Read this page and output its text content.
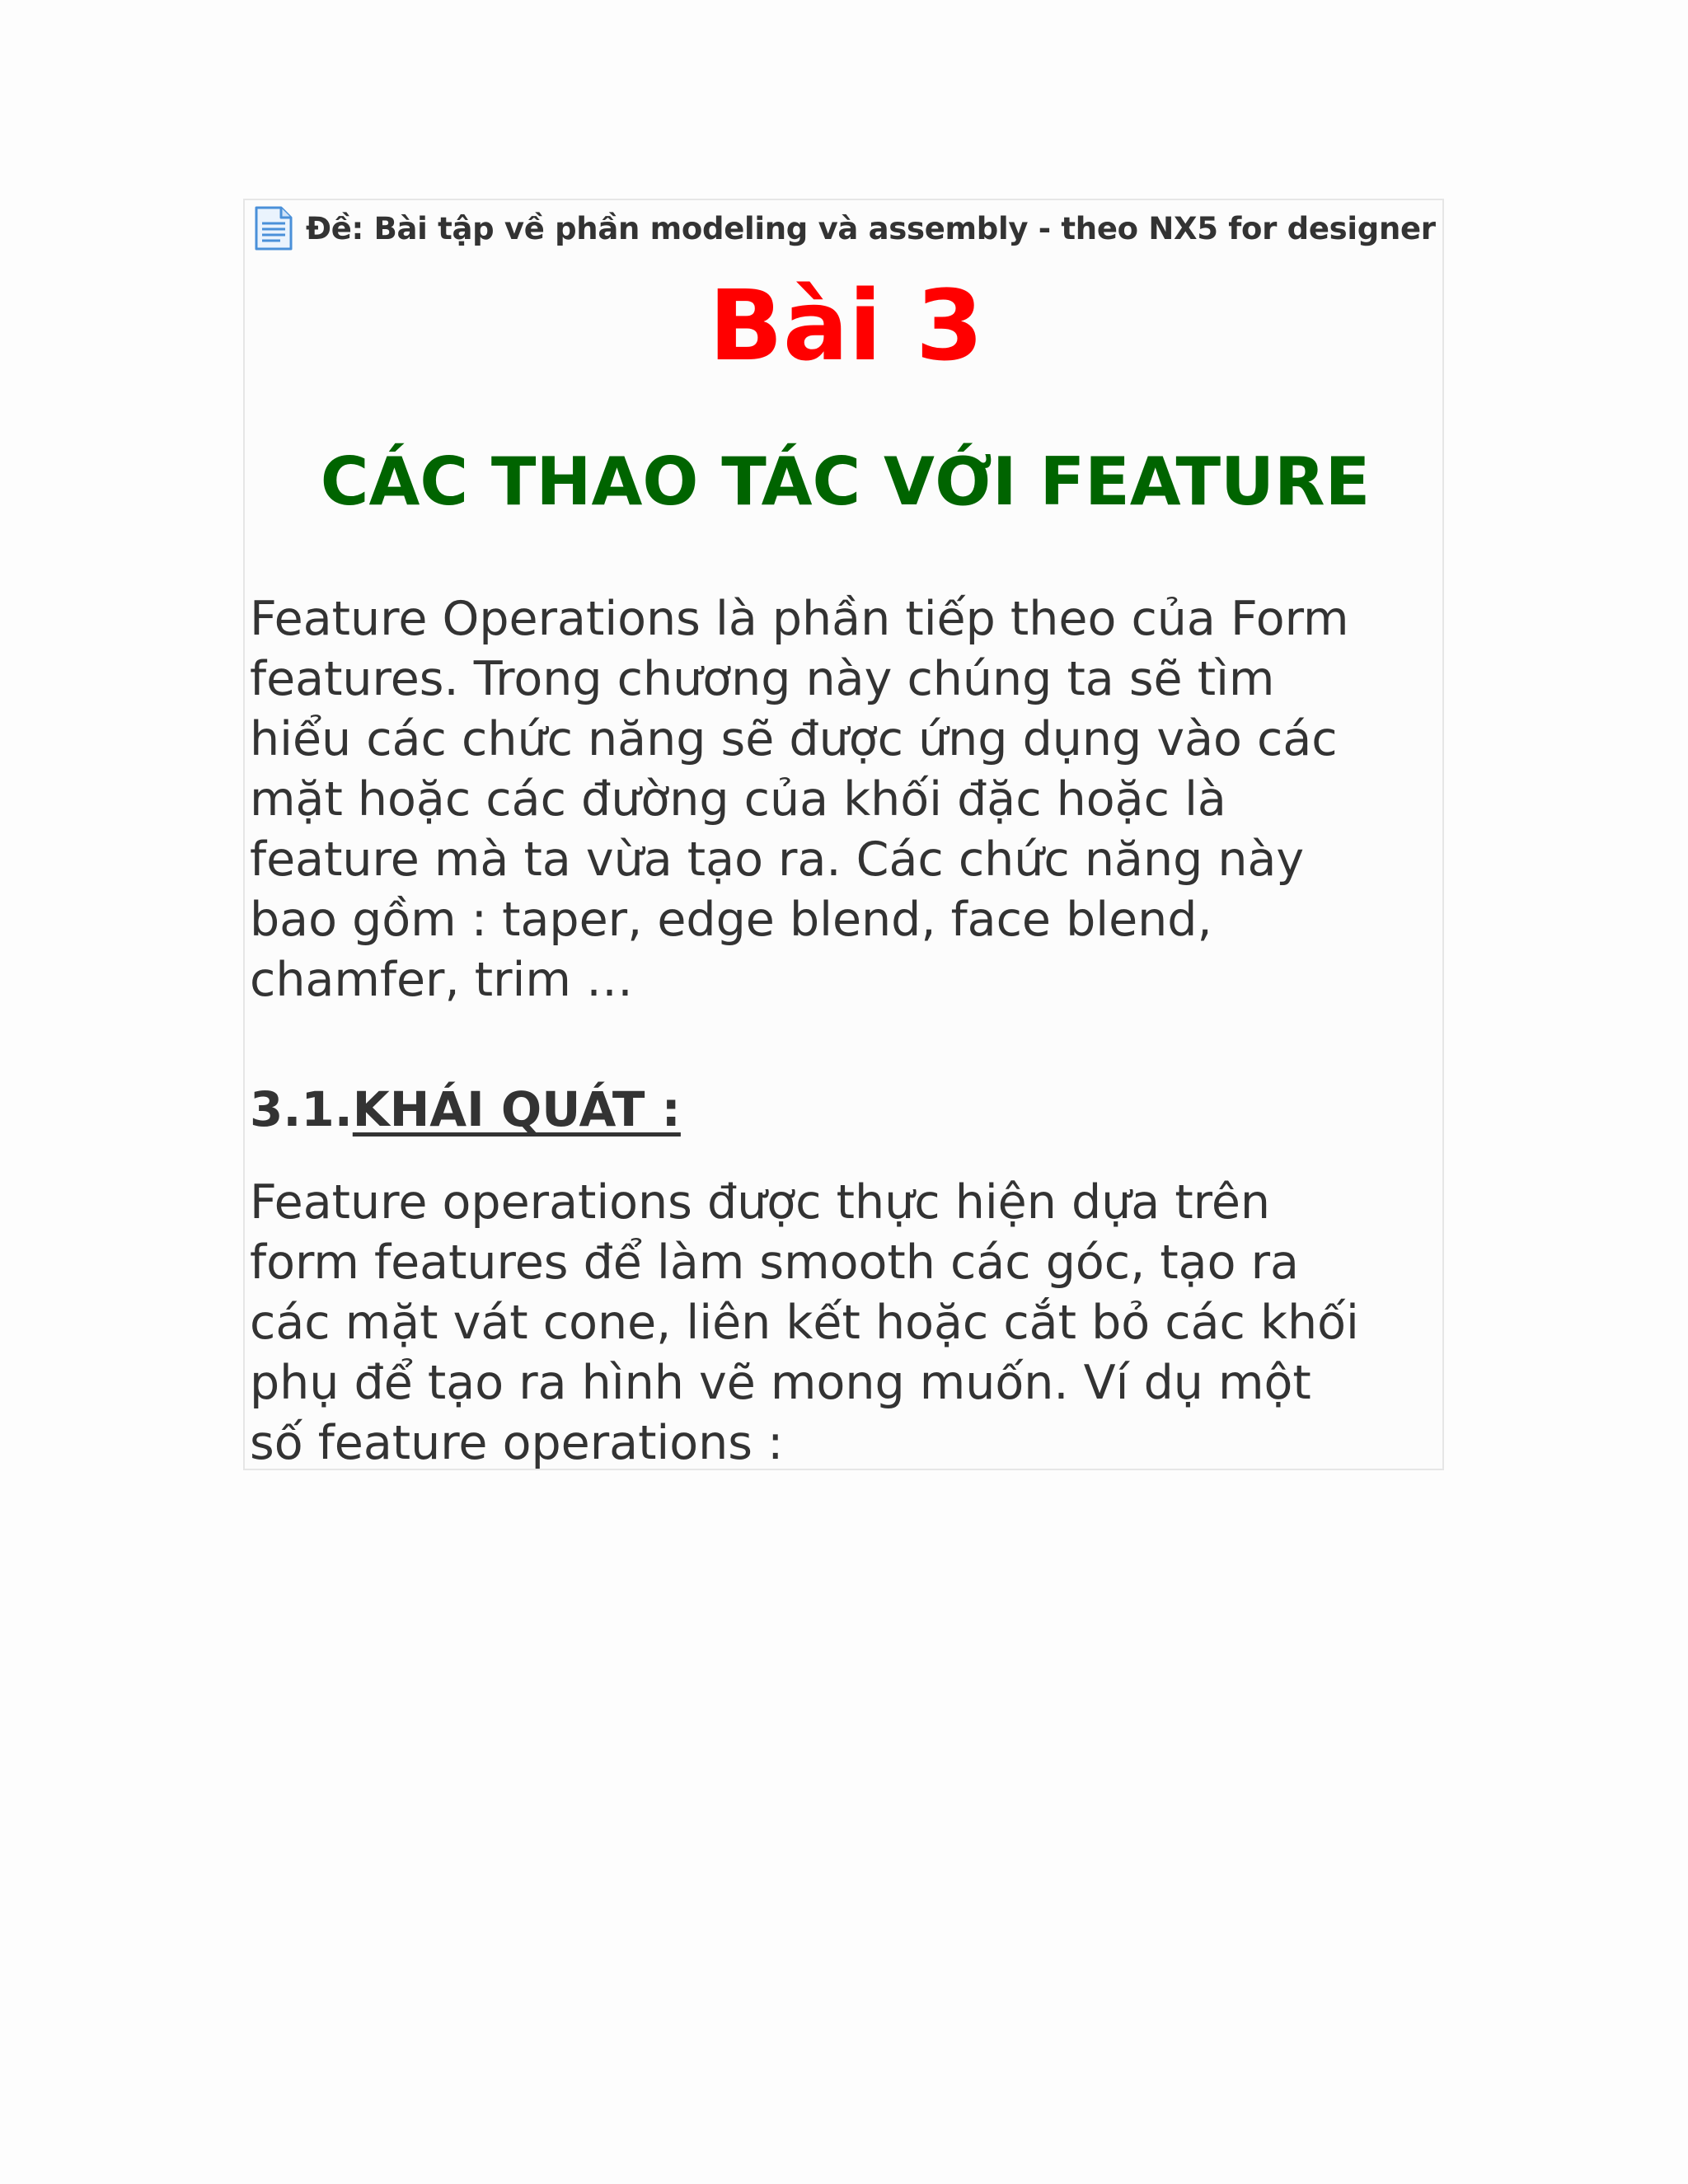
Đề: Bài tập về phần modeling và assembly - theo NX5 for designer
Bài 3
CÁC THAO TÁC VỚI FEATURE
Feature Operations là phần tiếp theo của Form
features. Trong chương này chúng ta sẽ tìm
hiểu các chức năng sẽ được ứng dụng vào các
mặt hoặc các đường của khối đặc hoặc là
feature mà ta vừa tạo ra. Các chức năng này
bao gồm : taper, edge blend, face blend,
chamfer, trim …
3.1.KHÁI QUÁT :
Feature operations được thực hiện dựa trên
form features để làm smooth các góc, tạo ra
các mặt vát cone, liên kết hoặc cắt bỏ các khối
phụ để tạo ra hình vẽ mong muốn. Ví dụ một
số feature operations :
